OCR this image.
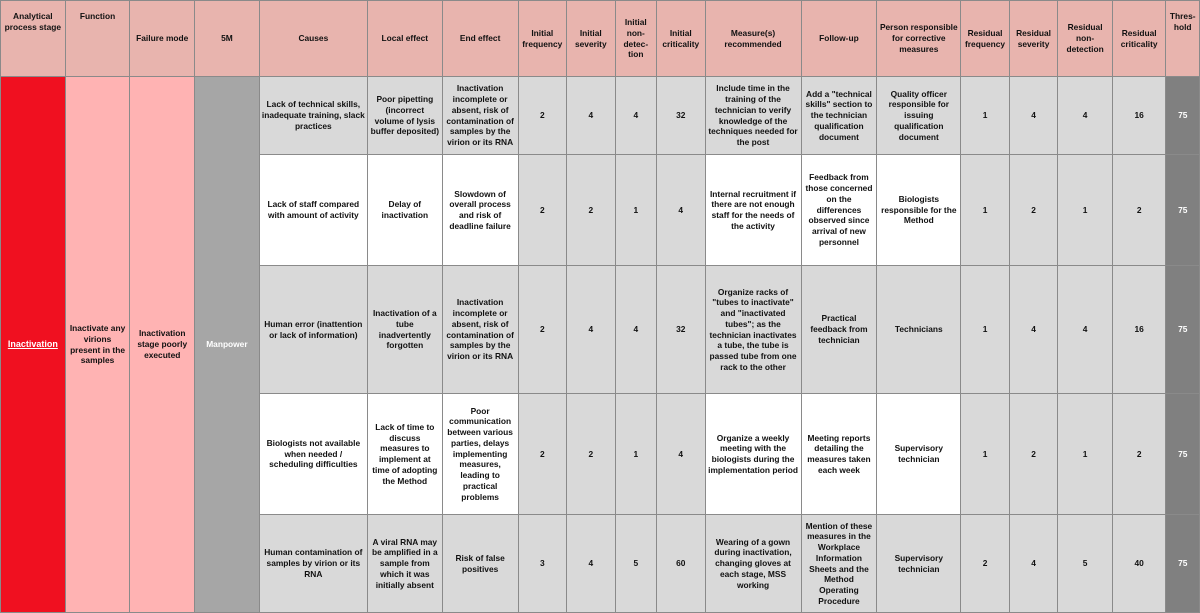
Analytical process stage	Function	Failure mode	5M	Causes	Local effect	End effect	Initial frequency	Initial severity	Initial non-detec-tion	Initial criticality	Measure(s) recommended	Follow-up	Person responsible for corrective measures	Residual frequency	Residual severity	Residual non-detection	Residual criticality	Thres-hold
Inactivation	Inactivate any virions present in the samples	Inactivation stage poorly executed	Manpower	Lack of technical skills, inadequate training, slack practices	Poor pipetting (incorrect volume of lysis buffer deposited)	Inactivation incomplete or absent, risk of contamination of samples by the virion or its RNA	2	4	4	32	Include time in the training of the technician to verify knowledge of the techniques needed for the post	Add a "technical skills" section to the technician qualification document	Quality officer responsible for issuing qualification document	1	4	4	16	75
				Lack of staff compared with amount of activity	Delay of inactivation	Slowdown of overall process and risk of deadline failure	2	2	1	4	Internal recruitment if there are not enough staff for the needs of the activity	Feedback from those concerned on the differences observed since arrival of new personnel	Biologists responsible for the Method	1	2	1	2	75
				Human error (inattention or lack of information)	Inactivation of a tube inadvertently forgotten	Inactivation incomplete or absent, risk of contamination of samples by the virion or its RNA	2	4	4	32	Organize racks of "tubes to inactivate" and "inactivated tubes"; as the technician inactivates a tube, the tube is passed tube from one rack to the other	Practical feedback from technician	Technicians	1	4	4	16	75
				Biologists not available when needed / scheduling difficulties	Lack of time to discuss measures to implement at time of adopting the Method	Poor communication between various parties, delays implementing measures, leading to practical problems	2	2	1	4	Organize a weekly meeting with the biologists during the implementation period	Meeting reports detailing the measures taken each week	Supervisory technician	1	2	1	2	75
				Human contamination of samples by virion or its RNA	A viral RNA may be amplified in a sample from which it was initially absent	Risk of false positives	3	4	5	60	Wearing of a gown during inactivation, changing gloves at each stage, MSS working	Mention of these measures in the Workplace Information Sheets and the Method Operating Procedure	Supervisory technician	2	4	5	40	75
